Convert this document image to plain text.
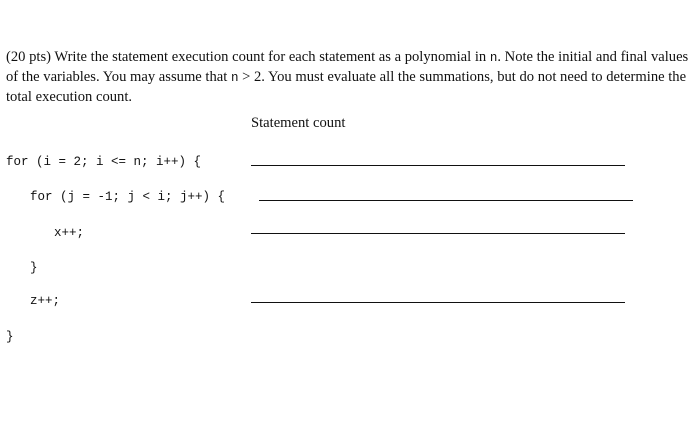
(20 pts) Write the statement execution count for each statement as a polynomial in n. Note the initial and final values of the variables. You may assume that n > 2. You must evaluate all the summations, but do not need to determine the total execution count.

Statement count
for (i = 2; i <= n; i++) {
for (j = -1; j < i; j++) {
x++;
}
z++;
}
